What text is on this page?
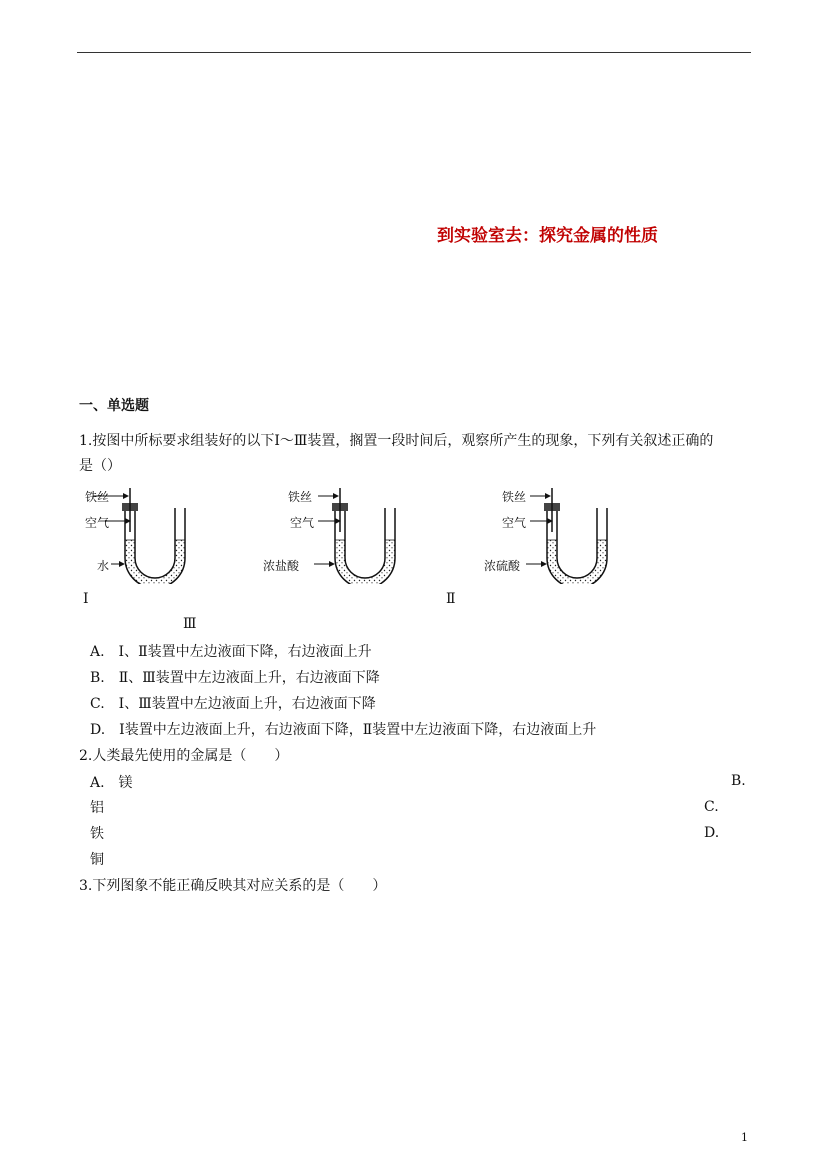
到实验室去：探究金属的性质
一、单选题
1.按图中所标要求组装好的以下Ⅰ～Ⅲ装置，搁置一段时间后，观察所产生的现象，下列有关叙述正确的
是（）
铁丝
空气
水
铁丝
空气
浓盐酸
铁丝
空气
浓硫酸
Ⅰ	Ⅱ
Ⅲ
A.　Ⅰ、Ⅱ装置中左边液面下降，右边液面上升
B.　Ⅱ、Ⅲ装置中左边液面上升，右边液面下降
C.　Ⅰ、Ⅲ装置中左边液面上升，右边液面下降
D.　Ⅰ装置中左边液面上升，右边液面下降，Ⅱ装置中左边液面下降，右边液面上升
2.人类最先使用的金属是（　　）
A.　镁	B.
铝	C.
铁	D.
铜
3.下列图象不能正确反映其对应关系的是（　　）
1
